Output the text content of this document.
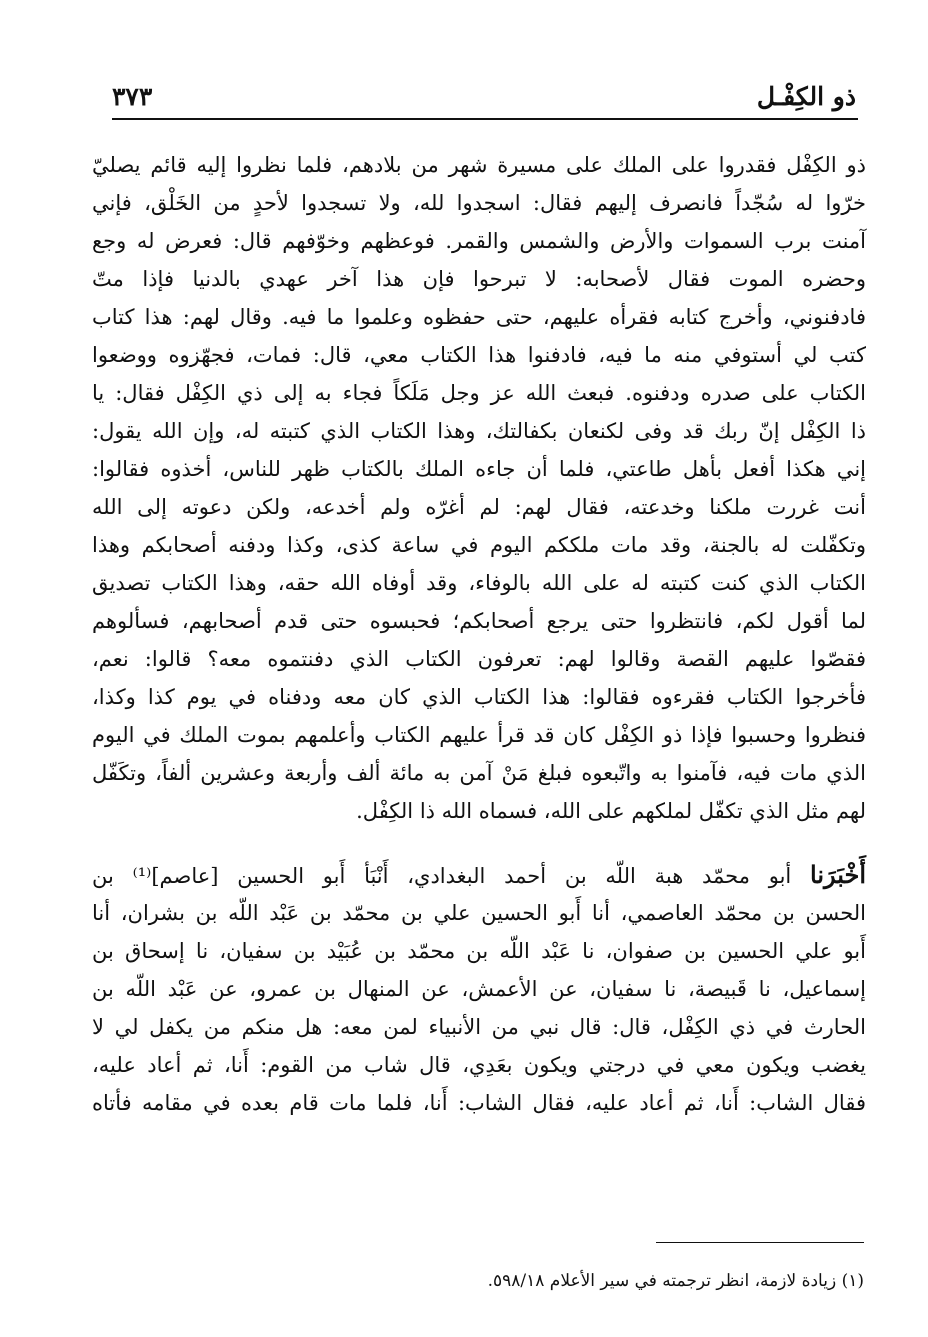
ذو الكِفْـل
٣٧٣
ذو الكِفْل فقدروا على الملك على مسيرة شهر من بلادهم، فلما نظروا إليه قائم يصليّ
خرّوا له سُجّداً فانصرف إليهم فقال: اسجدوا لله، ولا تسجدوا لأحدٍ من الخَلْق، فإني
آمنت برب السموات والأرض والشمس والقمر. فوعظهم وخوّفهم قال: فعرض له وجع
وحضره الموت فقال لأصحابه: لا تبرحوا فإن هذا آخر عهدي بالدنيا فإذا متّ
فادفنوني، وأخرج كتابه فقرأه عليهم، حتى حفظوه وعلموا ما فيه. وقال لهم: هذا كتاب
كتب لي أستوفي منه ما فيه، فادفنوا هذا الكتاب معي، قال: فمات، فجهّزوه ووضعوا
الكتاب على صدره ودفنوه. فبعث الله عز وجل مَلَكاً فجاء به إلى ذي الكِفْل فقال: يا
ذا الكِفْل إنّ ربك قد وفى لكنعان بكفالتك، وهذا الكتاب الذي كتبته له، وإن الله يقول:
إني هكذا أفعل بأهل طاعتي، فلما أن جاءه الملك بالكتاب ظهر للناس، أخذوه فقالوا:
أنت غررت ملكنا وخدعته، فقال لهم: لم أغرّه ولم أخدعه، ولكن دعوته إلى الله
وتكفّلت له بالجنة، وقد مات ملككم اليوم في ساعة كذى، وكذا ودفنه أصحابكم وهذا
الكتاب الذي كنت كتبته له على الله بالوفاء، وقد أوفاه الله حقه، وهذا الكتاب تصديق
لما أقول لكم، فانتظروا حتى يرجع أصحابكم؛ فحبسوه حتى قدم أصحابهم، فسألوهم
فقصّوا عليهم القصة وقالوا لهم: تعرفون الكتاب الذي دفنتموه معه؟ قالوا: نعم،
فأخرجوا الكتاب فقرءوه فقالوا: هذا الكتاب الذي كان معه ودفناه في يوم كذا وكذا،
فنظروا وحسبوا فإذا ذو الكِفْل كان قد قرأ عليهم الكتاب وأعلمهم بموت الملك في اليوم
الذي مات فيه، فآمنوا به واتّبعوه فبلغ مَنْ آمن به مائة ألف وأربعة وعشرين ألفاً، وتكَفّل
لهم مثل الذي تكفّل لملكهم على الله، فسماه الله ذا الكِفْل.
أَخْبَرَنا أبو محمّد هبة اللّه بن أحمد البغدادي، أَنْبَأ أَبو الحسين [عاصم]⁽¹⁾ بن
الحسن بن محمّد العاصمي، أنا أَبو الحسين علي بن محمّد بن عَبْد اللّه بن بشران، أنا
أَبو علي الحسين بن صفوان، نا عَبْد اللّه بن محمّد بن عُبَيْد بن سفيان، نا إسحاق بن
إسماعيل، نا قَبيصة، نا سفيان، عن الأعمش، عن المنهال بن عمرو، عن عَبْد اللّه بن
الحارث في ذي الكِفْل، قال: قال نبي من الأنبياء لمن معه: هل منكم من يكفل لي لا
يغضب ويكون معي في درجتي ويكون بعَدِي، قال شاب من القوم: أَنا، ثم أعاد عليه،
فقال الشاب: أَنا، ثم أعاد عليه، فقال الشاب: أَنا، فلما مات قام بعده في مقامه فأتاه
(١) زيادة لازمة، انظر ترجمته في سير الأعلام ٥٩٨/١٨.
